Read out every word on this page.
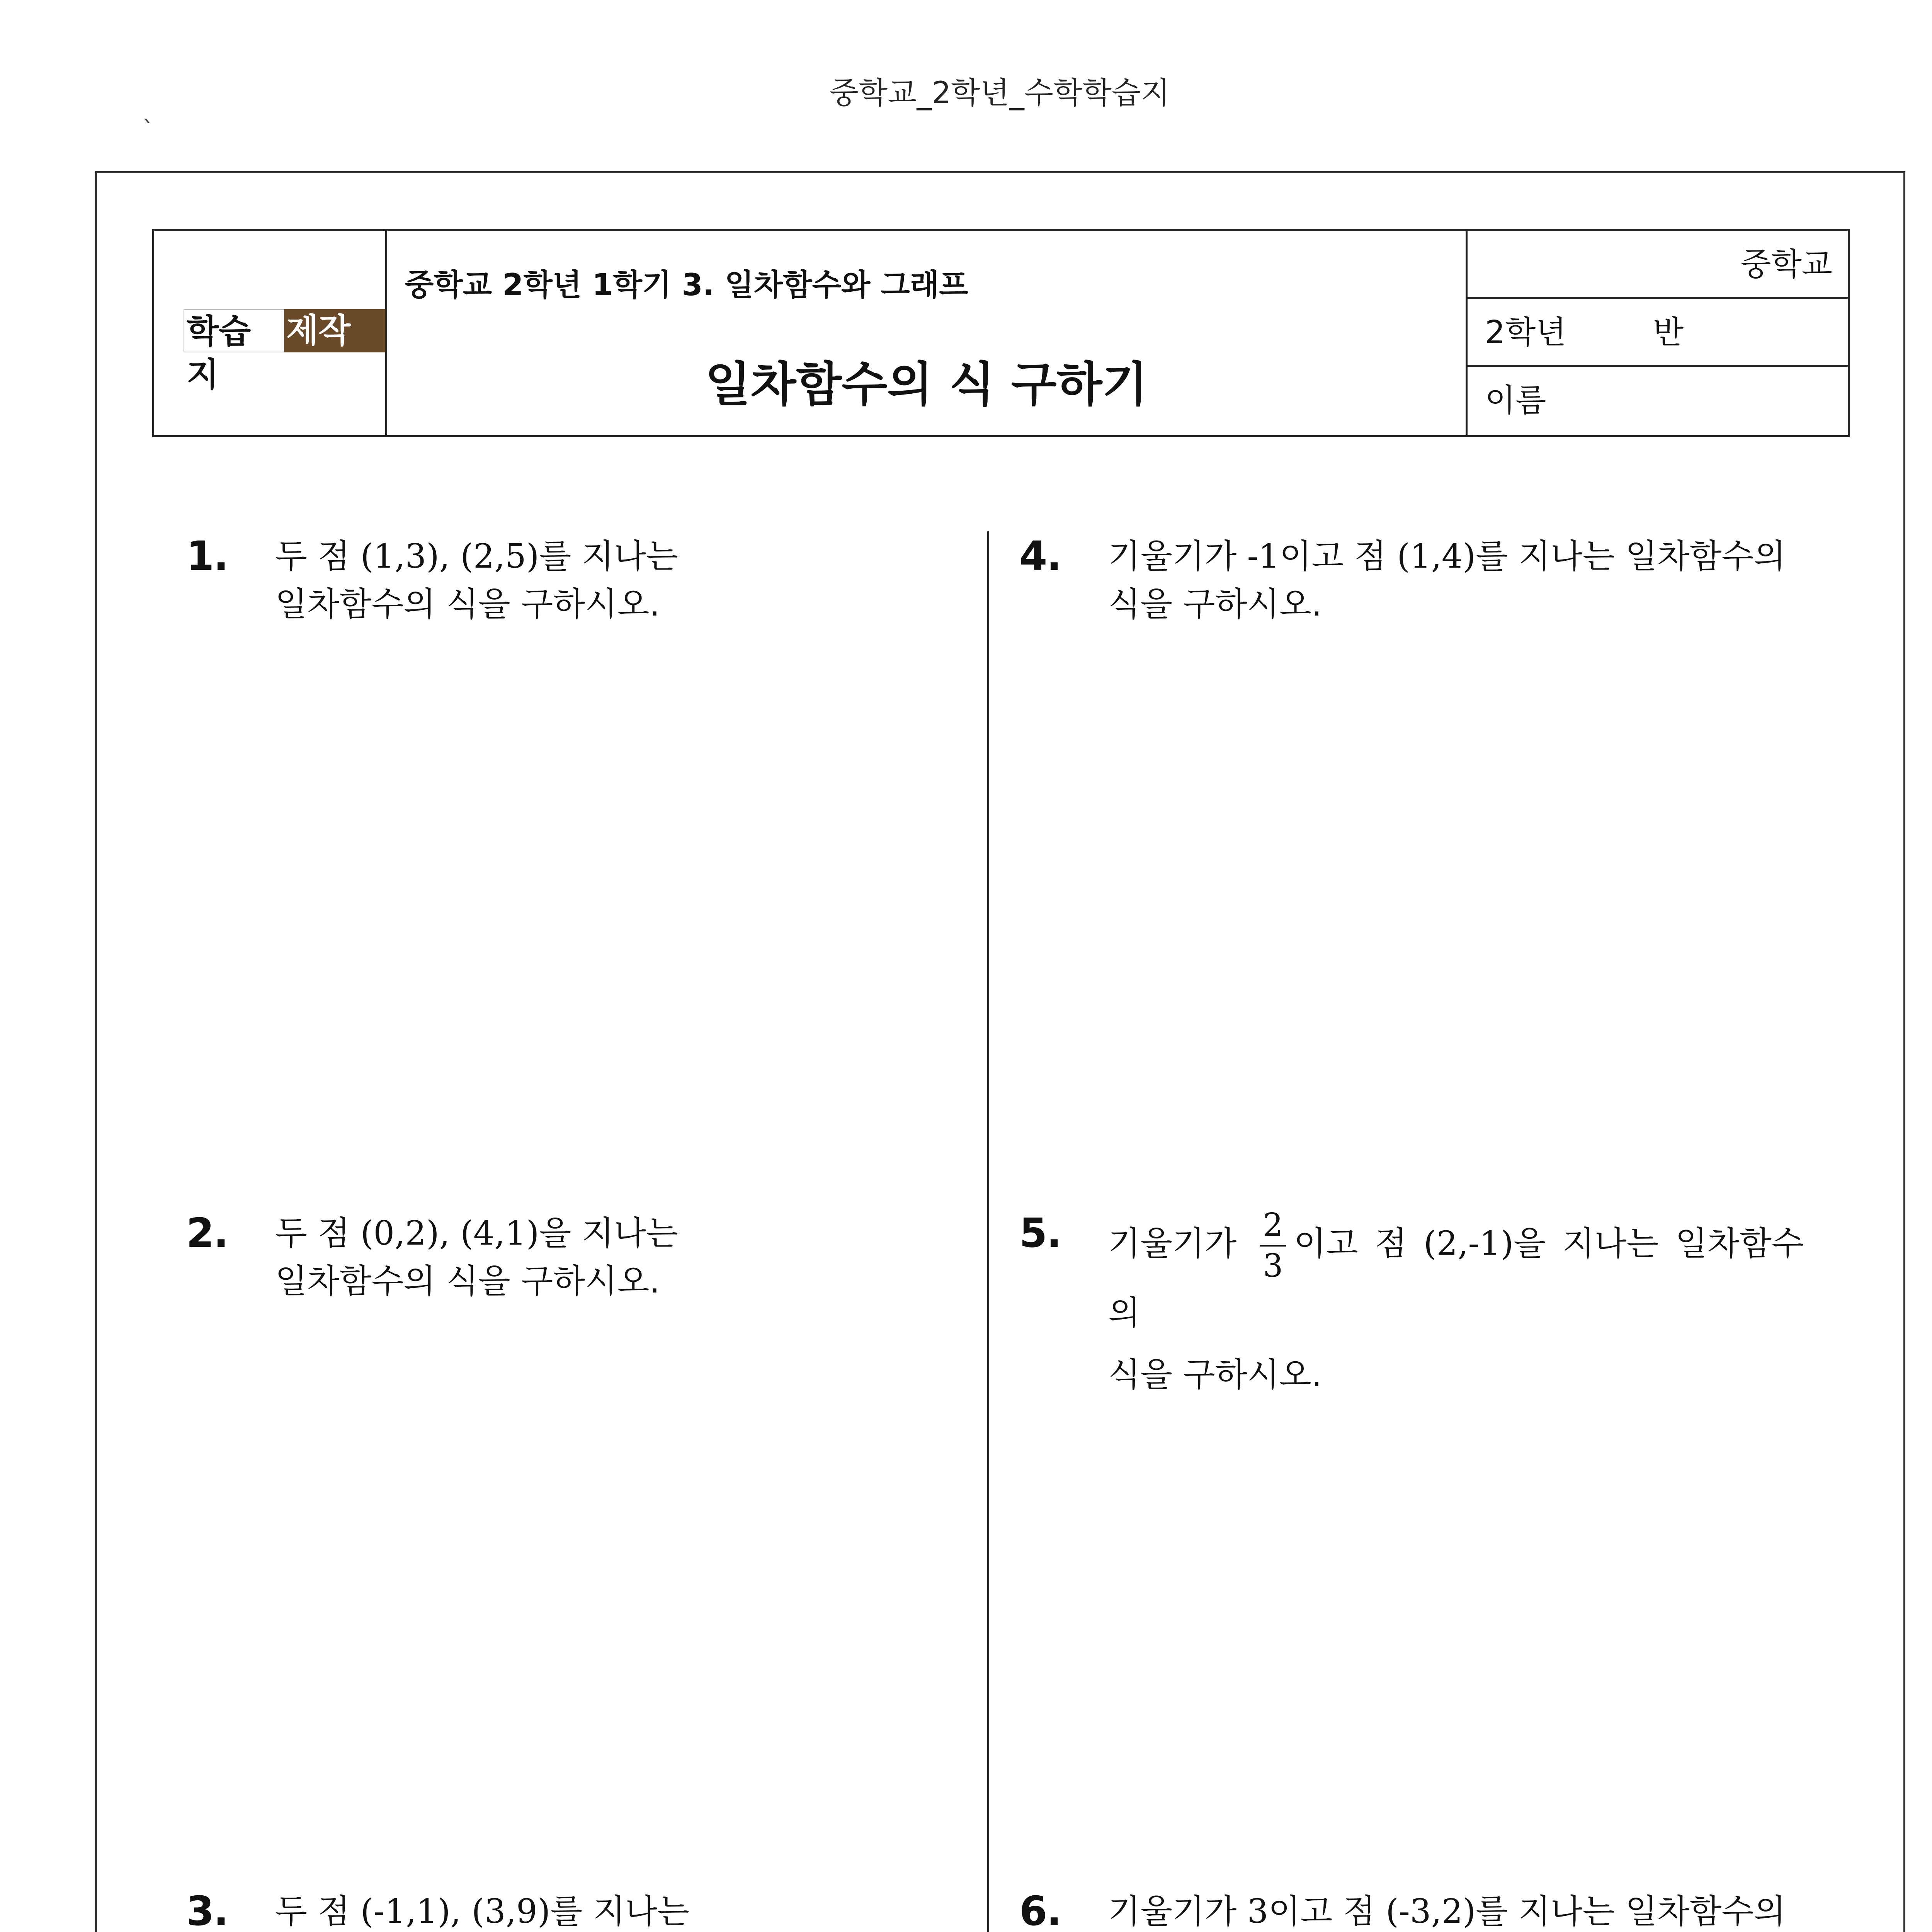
중학교_2학년_수학학습지
`
학습지
제작소
중학교 2학년 1학기 3. 일차함수와 그래프
일차함수의 식 구하기
중학교
2학년	반
이름
1. 두 점 (1,3), (2,5)를 지나는
일차함수의 식을 구하시오.
2. 두 점 (0,2), (4,1)을 지나는
일차함수의 식을 구하시오.
3. 두 점 (-1,1), (3,9)를 지나는
4. 기울기가 -1이고 점 (1,4)를 지나는 일차함수의
식을 구하시오.
5. 기울기가 $\frac{2}{3}$ 이고 점 (2,-1)을 지나는 일차함수의
식을 구하시오.
6. 기울기가 3이고 점 (-3,2)를 지나는 일차함수의
